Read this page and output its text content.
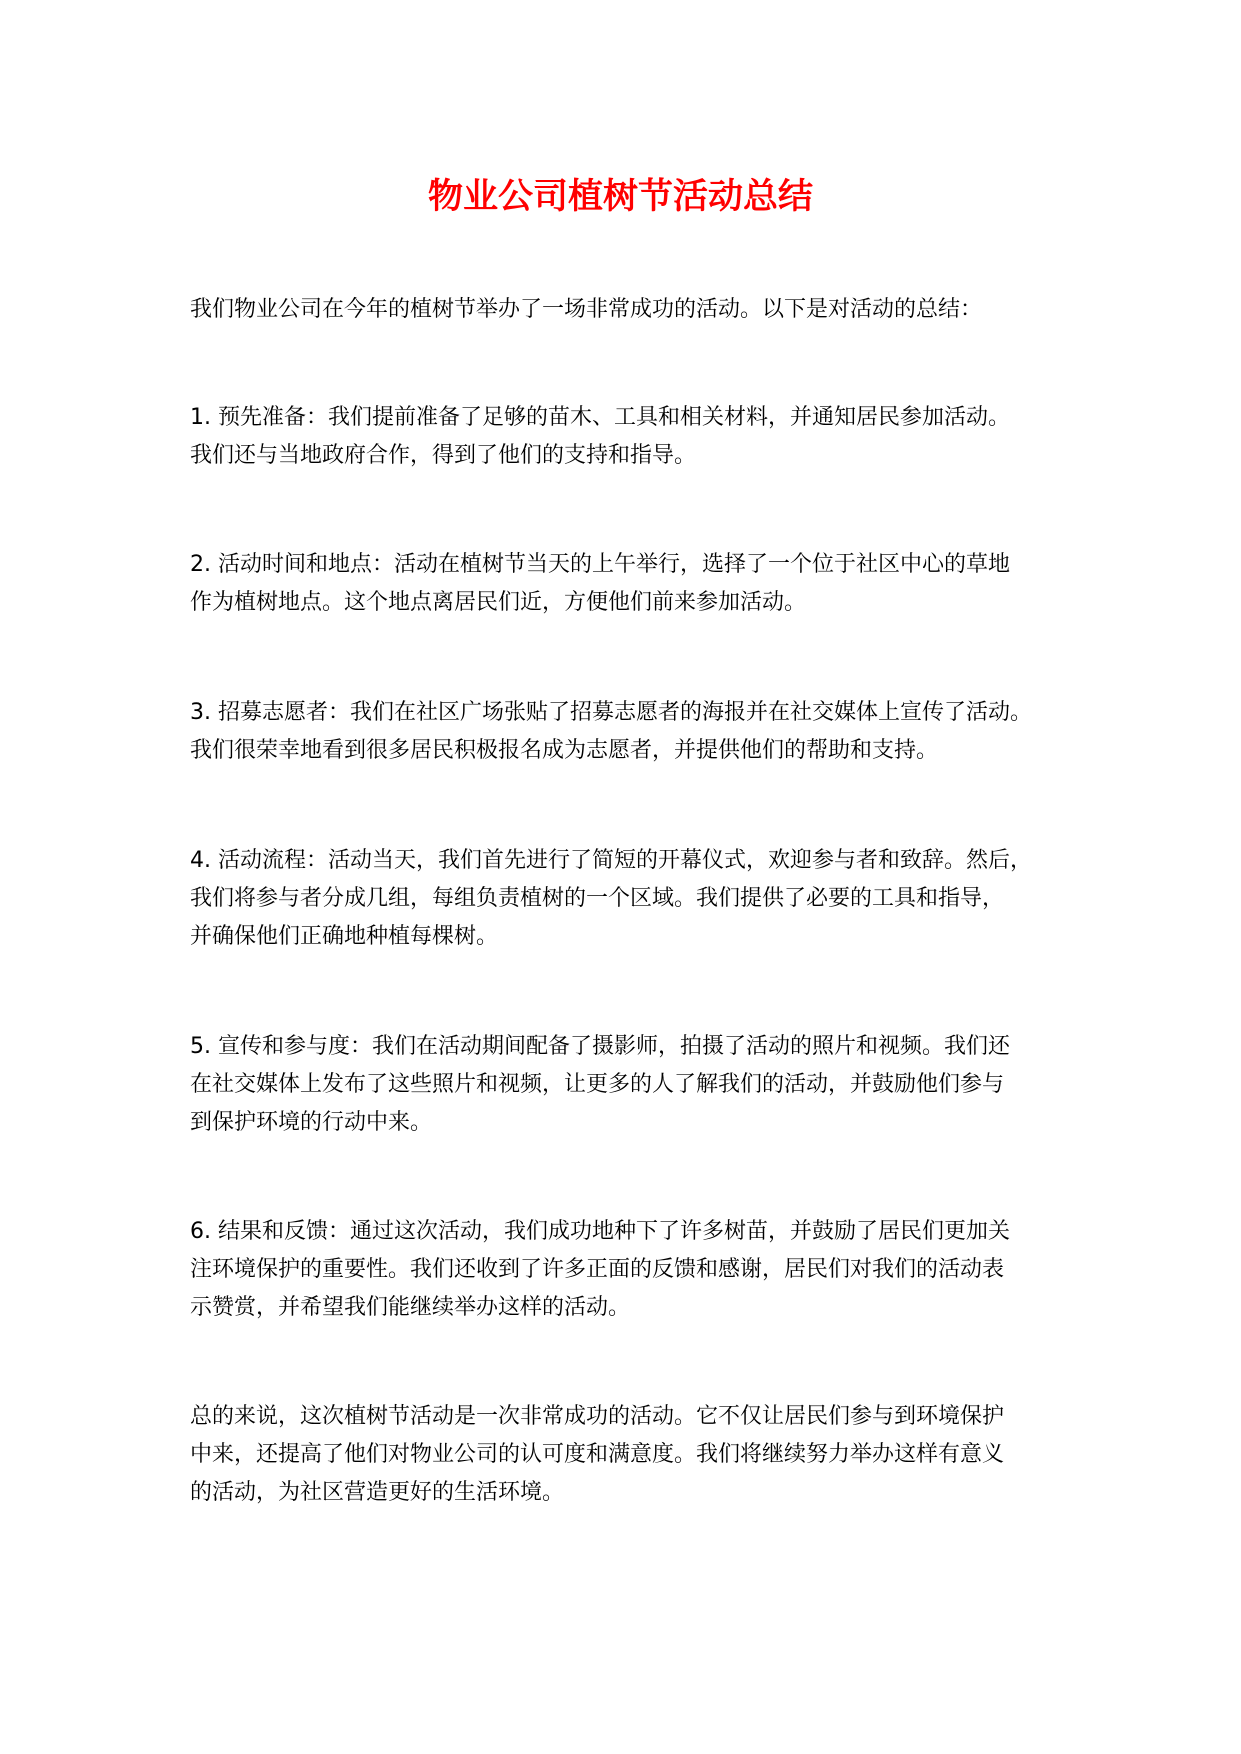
物业公司植树节活动总结

我们物业公司在今年的植树节举办了一场非常成功的活动。以下是对活动的总结：

1. 预先准备：我们提前准备了足够的苗木、工具和相关材料，并通知居民参加活动。
我们还与当地政府合作，得到了他们的支持和指导。

2. 活动时间和地点：活动在植树节当天的上午举行，选择了一个位于社区中心的草地
作为植树地点。这个地点离居民们近，方便他们前来参加活动。

3. 招募志愿者：我们在社区广场张贴了招募志愿者的海报并在社交媒体上宣传了活动。
我们很荣幸地看到很多居民积极报名成为志愿者，并提供他们的帮助和支持。

4. 活动流程：活动当天，我们首先进行了简短的开幕仪式，欢迎参与者和致辞。然后，
我们将参与者分成几组，每组负责植树的一个区域。我们提供了必要的工具和指导，
并确保他们正确地种植每棵树。

5. 宣传和参与度：我们在活动期间配备了摄影师，拍摄了活动的照片和视频。我们还
在社交媒体上发布了这些照片和视频，让更多的人了解我们的活动，并鼓励他们参与
到保护环境的行动中来。

6. 结果和反馈：通过这次活动，我们成功地种下了许多树苗，并鼓励了居民们更加关
注环境保护的重要性。我们还收到了许多正面的反馈和感谢，居民们对我们的活动表
示赞赏，并希望我们能继续举办这样的活动。

总的来说，这次植树节活动是一次非常成功的活动。它不仅让居民们参与到环境保护
中来，还提高了他们对物业公司的认可度和满意度。我们将继续努力举办这样有意义
的活动，为社区营造更好的生活环境。
